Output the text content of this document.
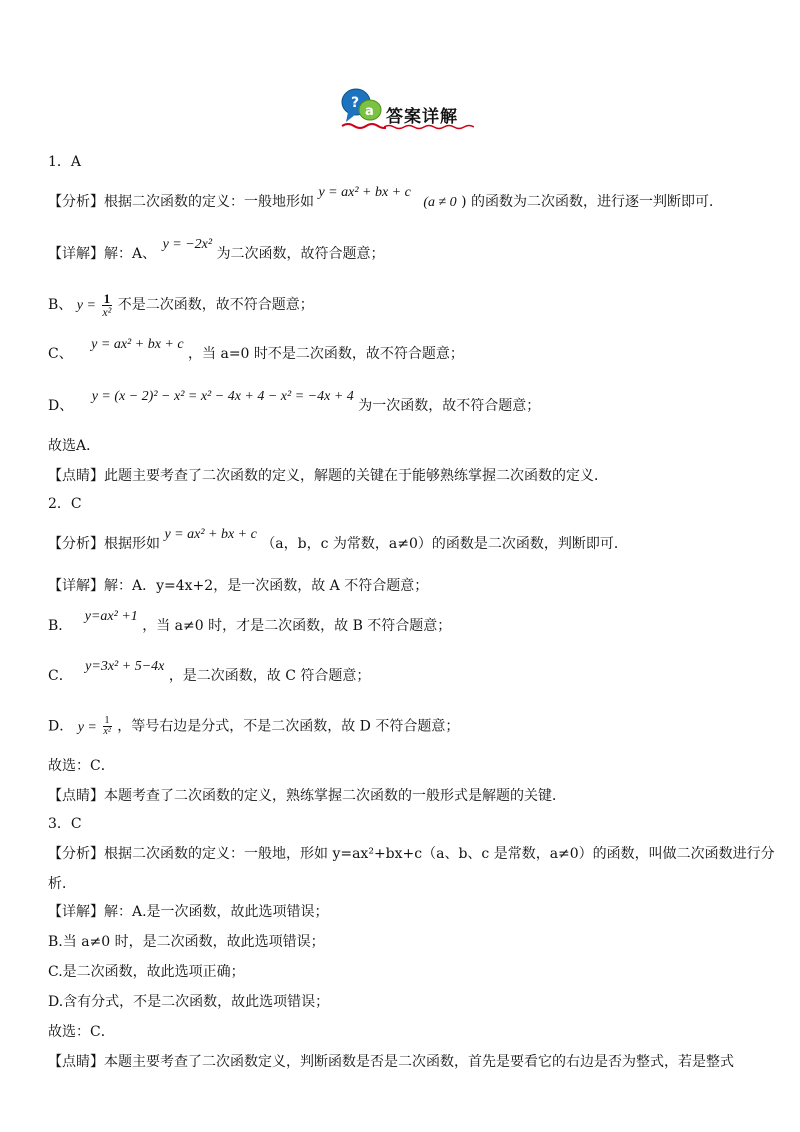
?
a 答案详解
1．A
【分析】根据二次函数的定义：一般地形如 y = ax² + bx + c (a ≠ 0 ) 的函数为二次函数，进行逐一判断即可．
【详解】解：A、 y = −2x² 为二次函数，故符合题意；
B、 $y = \frac{1}{\text{x²}}$ 不是二次函数，故不符合题意；
C、 y = ax² + bx + c ，当 a=0 时不是二次函数，故不符合题意；
D、 y = (x − 2)² − x² = x² − 4x + 4 − x² = −4x + 4 为一次函数，故不符合题意；
故选A．
【点睛】此题主要考查了二次函数的定义，解题的关键在于能够熟练掌握二次函数的定义．
2．C
【分析】根据形如 y = ax² + bx + c （a，b，c 为常数，a≠0）的函数是二次函数，判断即可．
【详解】解：A．y=4x+2，是一次函数，故 A 不符合题意；
B． y=ax² +1 ，当 a≠0 时，才是二次函数，故 B 不符合题意；
C． y=3x² + 5−4x ，是二次函数，故 C 符合题意；
D． $y = \frac{1}{\text{x²}}$ ，等号右边是分式，不是二次函数，故 D 不符合题意；
故选：C．
【点睛】本题考查了二次函数的定义，熟练掌握二次函数的一般形式是解题的关键．
3．C
【分析】根据二次函数的定义：一般地，形如 y=ax²+bx+c（a、b、c 是常数，a≠0）的函数，叫做二次函数进行分
析．
【详解】解：A.是一次函数，故此选项错误；
B.当 a≠0 时，是二次函数，故此选项错误；
C.是二次函数，故此选项正确；
D.含有分式，不是二次函数，故此选项错误；
故选：C．
【点睛】本题主要考查了二次函数定义，判断函数是否是二次函数，首先是要看它的右边是否为整式，若是整式
